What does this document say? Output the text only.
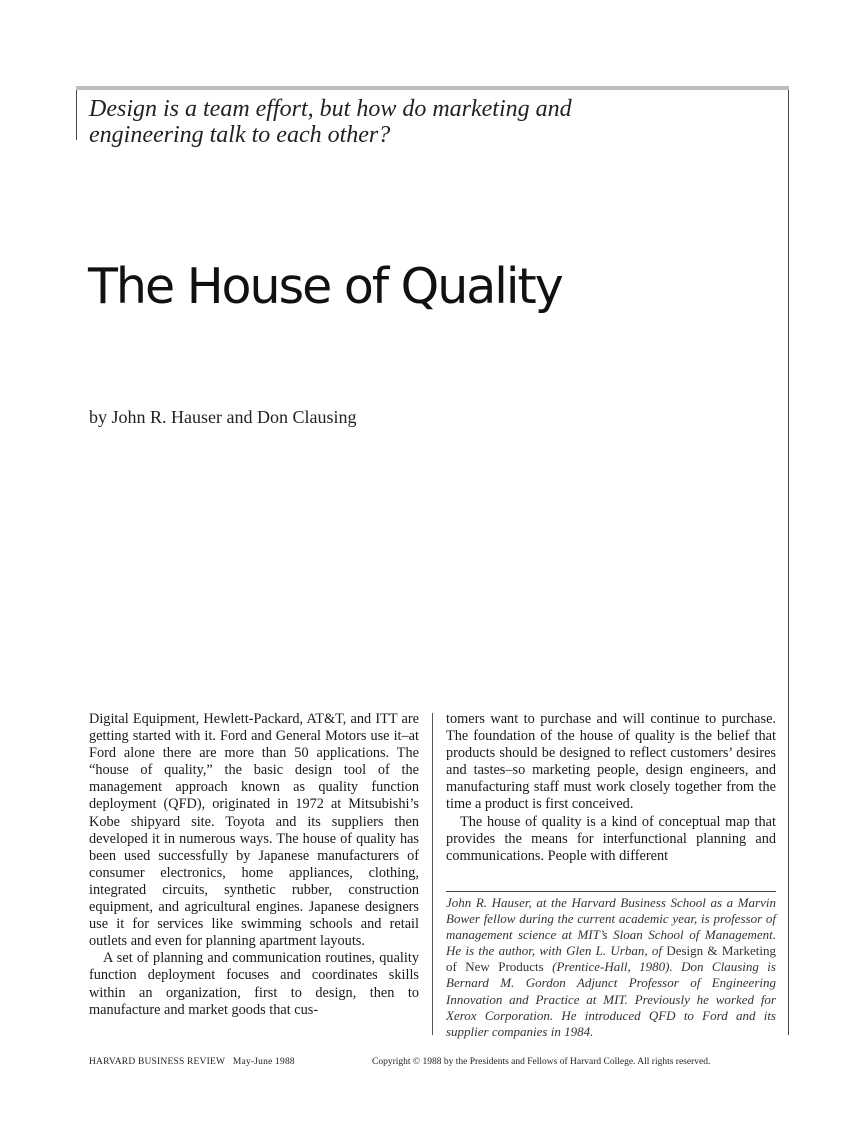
Design is a team effort, but how do marketing and engineering talk to each other?
The House of Quality
by John R. Hauser and Don Clausing

Digital Equipment, Hewlett-Packard, AT&T, and ITT are getting started with it. Ford and General Motors use it–at Ford alone there are more than 50 applications. The “house of quality,” the basic design tool of the management approach known as quality function deployment (QFD), originated in 1972 at Mitsubishi’s Kobe shipyard site. Toyota and its suppliers then developed it in numerous ways. The house of quality has been used successfully by Japanese manufacturers of consumer electronics, home appliances, clothing, integrated circuits, synthetic rubber, construction equipment, and agricultural engines. Japanese designers use it for services like swimming schools and retail outlets and even for planning apartment layouts.

A set of planning and communication routines, quality function deployment focuses and coordinates skills within an organization, first to design, then to manufacture and market goods that cus-

tomers want to purchase and will continue to purchase. The foundation of the house of quality is the belief that products should be designed to reflect customers’ desires and tastes–so marketing people, design engineers, and manufacturing staff must work closely together from the time a product is first conceived.

The house of quality is a kind of conceptual map that provides the means for interfunctional planning and communications. People with different

John R. Hauser, at the Harvard Business School as a Marvin Bower fellow during the current academic year, is professor of management science at MIT’s Sloan School of Management. He is the author, with Glen L. Urban, of Design & Marketing of New Products (Prentice-Hall, 1980). Don Clausing is Bernard M. Gordon Adjunct Professor of Engineering Innovation and Practice at MIT. Previously he worked for Xerox Corporation. He introduced QFD to Ford and its supplier companies in 1984.
HARVARD BUSINESS REVIEW May-June 1988	Copyright © 1988 by the Presidents and Fellows of Harvard College. All rights reserved.
